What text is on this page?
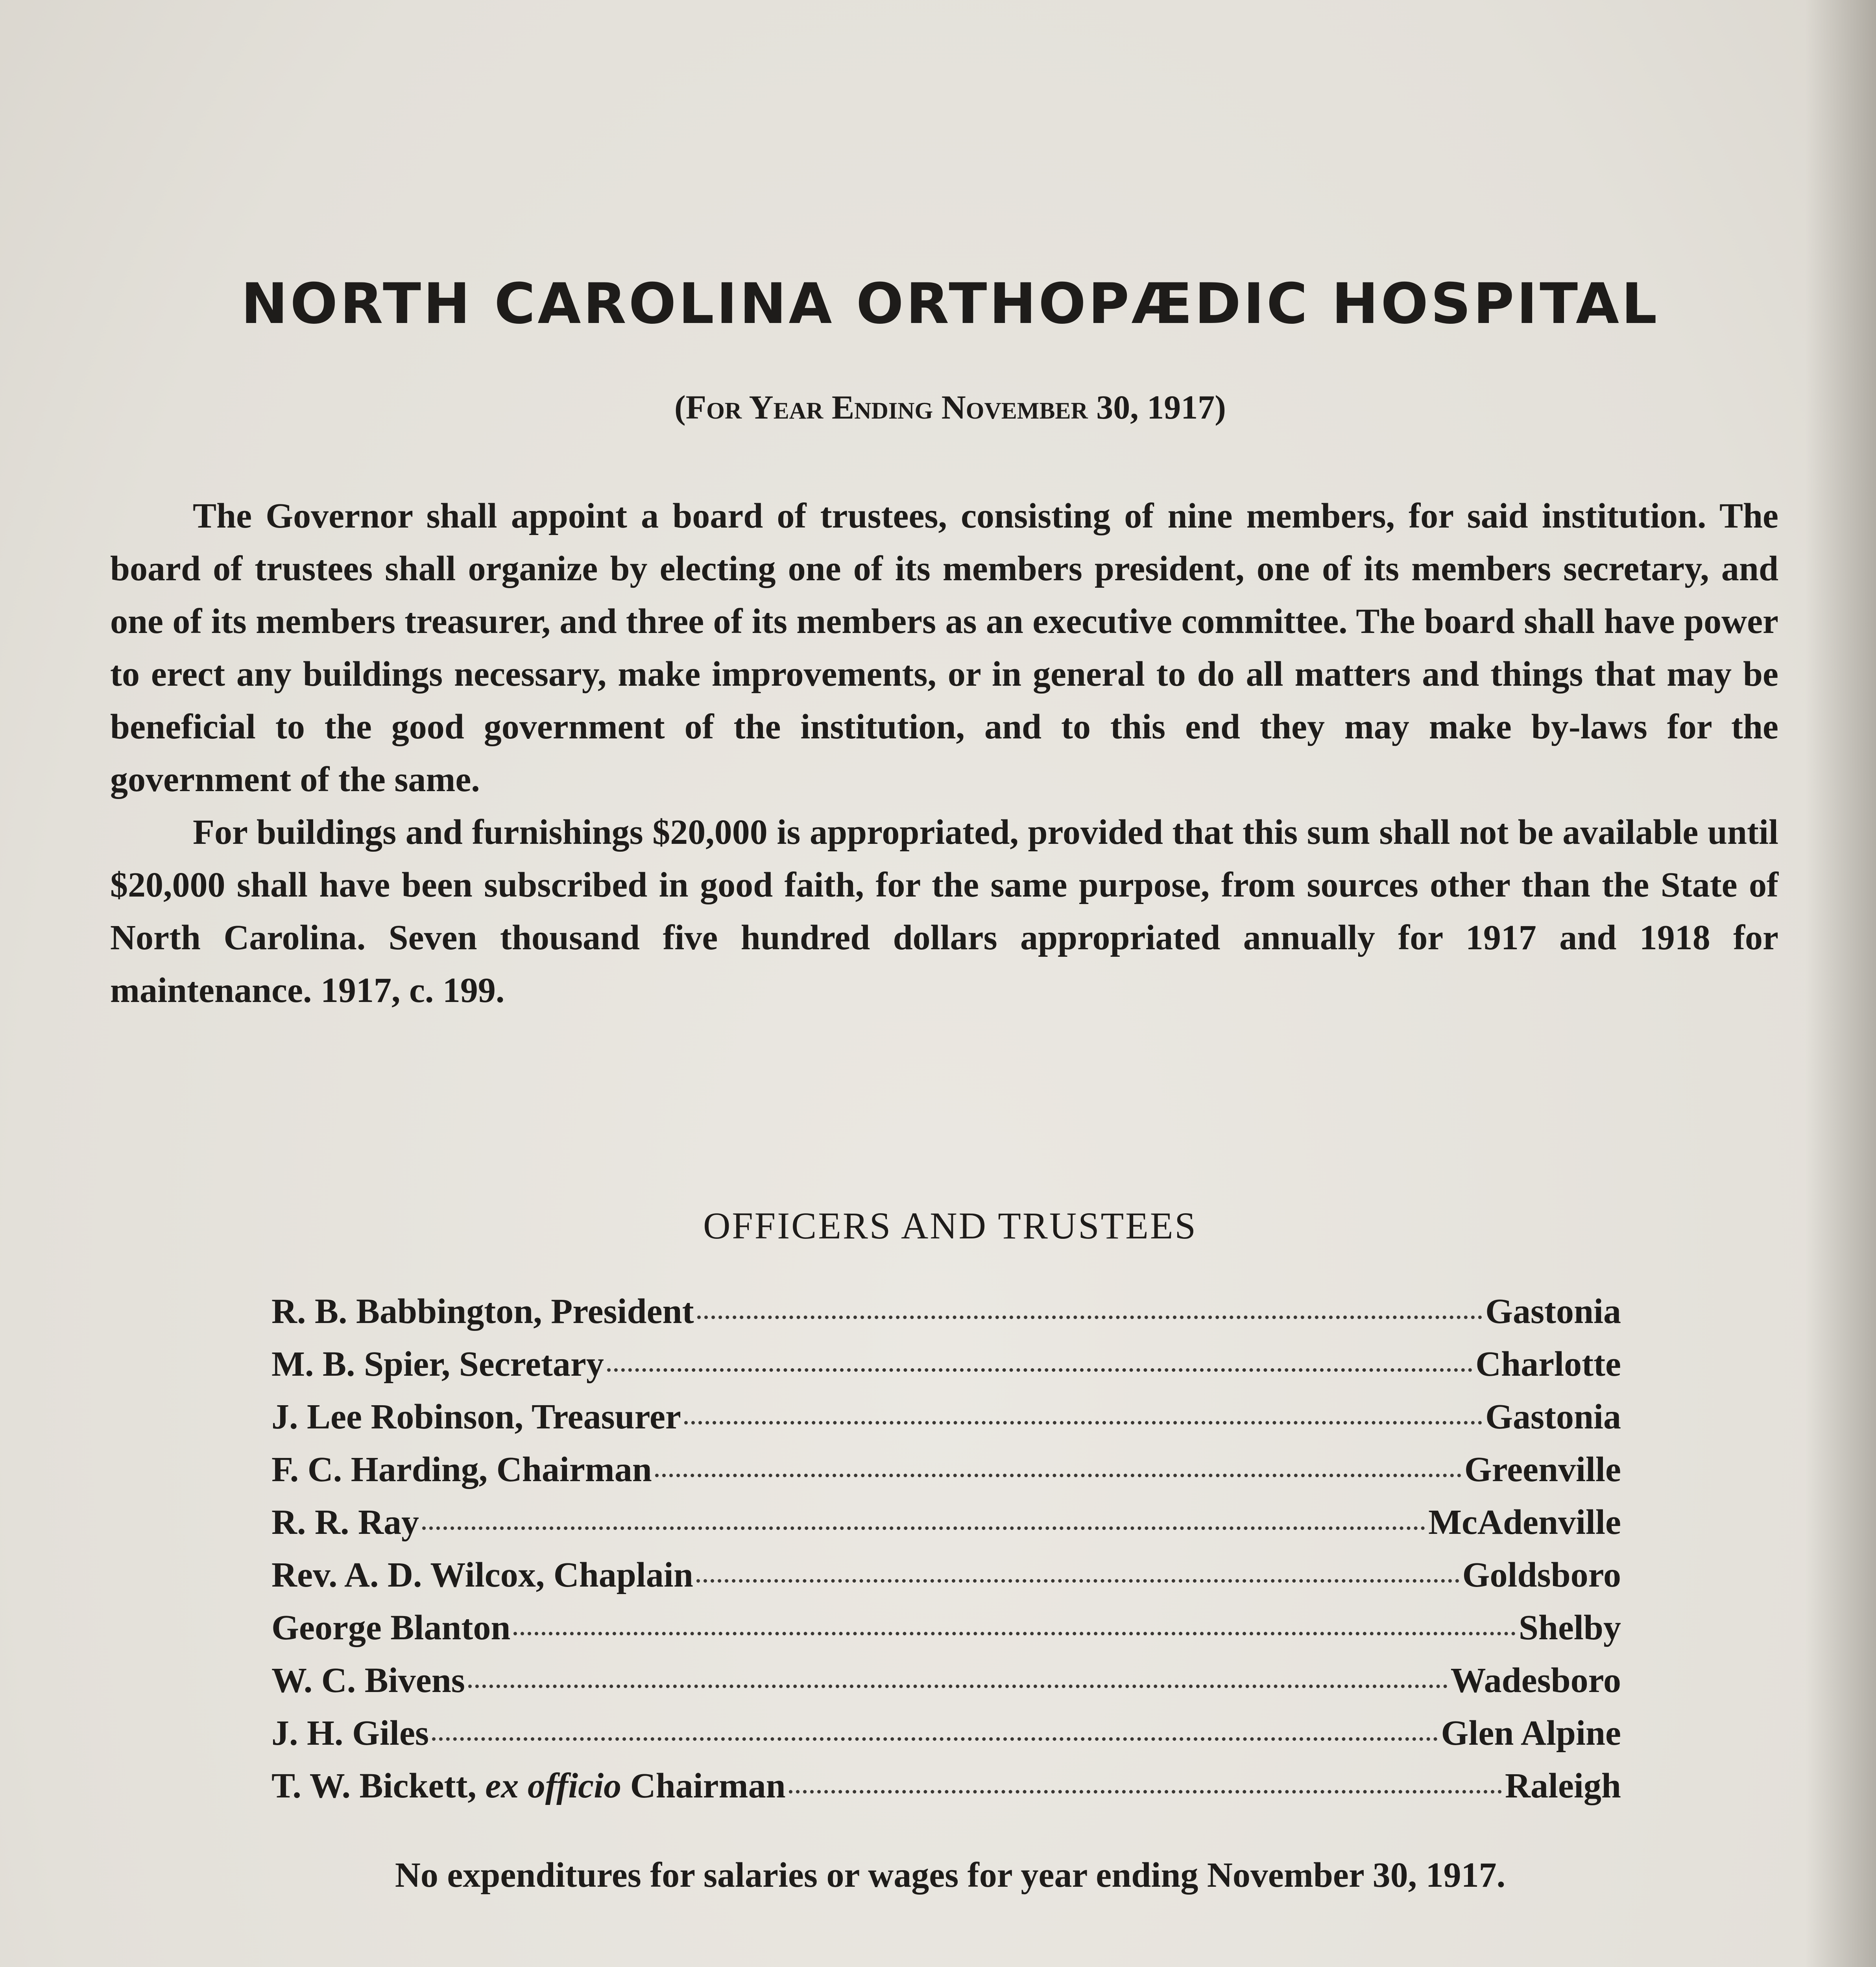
NORTH CAROLINA ORTHOPÆDIC HOSPITAL
(For Year Ending November 30, 1917)

The Governor shall appoint a board of trustees, consisting of nine members, for said institution. The board of trustees shall organize by electing one of its members president, one of its members secretary, and one of its members treasurer, and three of its members as an executive committee. The board shall have power to erect any buildings necessary, make improvements, or in general to do all matters and things that may be beneficial to the good government of the institution, and to this end they may make by-laws for the government of the same.

For buildings and furnishings $20,000 is appropriated, provided that this sum shall not be available until $20,000 shall have been subscribed in good faith, for the same purpose, from sources other than the State of North Carolina. Seven thousand five hundred dollars appropriated annually for 1917 and 1918 for maintenance. 1917, c. 199.

OFFICERS AND TRUSTEES
R. B. Babbington, President	Gastonia
M. B. Spier, Secretary	Charlotte
J. Lee Robinson, Treasurer	Gastonia
F. C. Harding, Chairman	Greenville
R. R. Ray	McAdenville
Rev. A. D. Wilcox, Chaplain	Goldsboro
George Blanton	Shelby
W. C. Bivens	Wadesboro
J. H. Giles	Glen Alpine
T. W. Bickett, ex officio Chairman	Raleigh
No expenditures for salaries or wages for year ending November 30, 1917.
